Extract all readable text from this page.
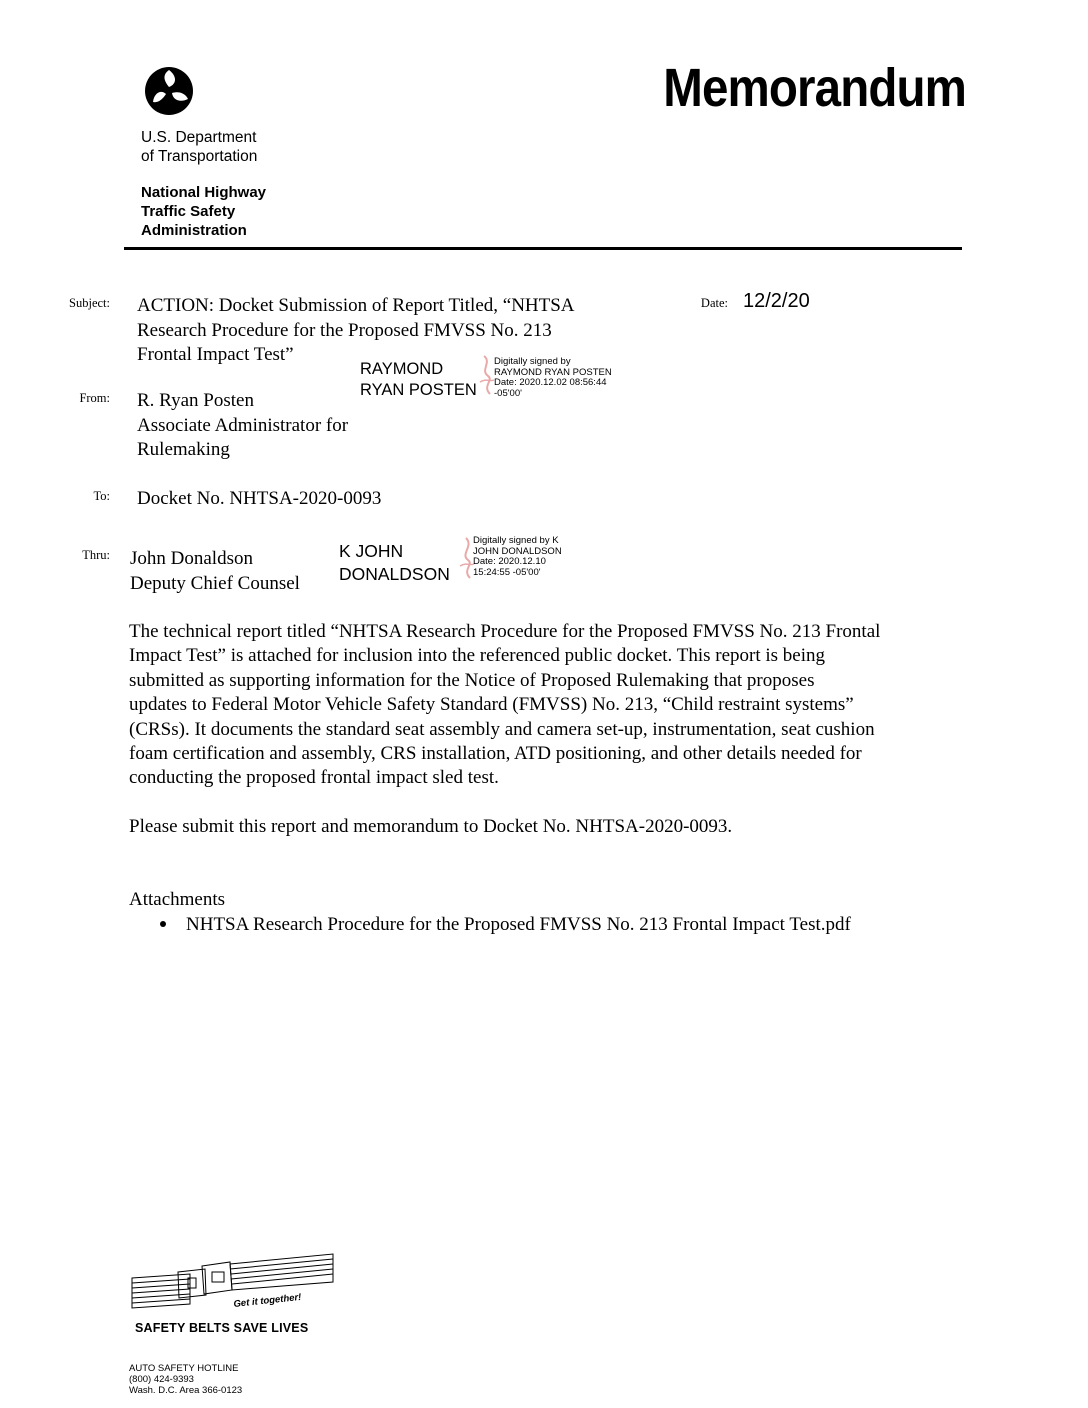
Memorandum
U.S. Department
of Transportation
National Highway
Traffic Safety
Administration
Subject: ACTION: Docket Submission of Report Titled, “NHTSA
Research Procedure for the Proposed FMVSS No. 213
Frontal Impact Test”
Date: 12/2/20
RAYMOND
RYAN POSTEN
Digitally signed by
RAYMOND RYAN POSTEN
Date: 2020.12.02 08:56:44
-05'00'
From: R. Ryan Posten
Associate Administrator for
Rulemaking
To: Docket No. NHTSA-2020-0093
Thru: John Donaldson
Deputy Chief Counsel
K JOHN
DONALDSON
Digitally signed by K
JOHN DONALDSON
Date: 2020.12.10
15:24:55 -05'00'
The technical report titled “NHTSA Research Procedure for the Proposed FMVSS No. 213 Frontal
Impact Test” is attached for inclusion into the referenced public docket. This report is being
submitted as supporting information for the Notice of Proposed Rulemaking that proposes
updates to Federal Motor Vehicle Safety Standard (FMVSS) No. 213, “Child restraint systems”
(CRSs). It documents the standard seat assembly and camera set-up, instrumentation, seat cushion
foam certification and assembly, CRS installation, ATD positioning, and other details needed for
conducting the proposed frontal impact sled test.
Please submit this report and memorandum to Docket No. NHTSA-2020-0093.
Attachments
NHTSA Research Procedure for the Proposed FMVSS No. 213 Frontal Impact Test.pdf
Get it together!
SAFETY BELTS SAVE LIVES
AUTO SAFETY HOTLINE
(800) 424-9393
Wash. D.C. Area 366-0123
